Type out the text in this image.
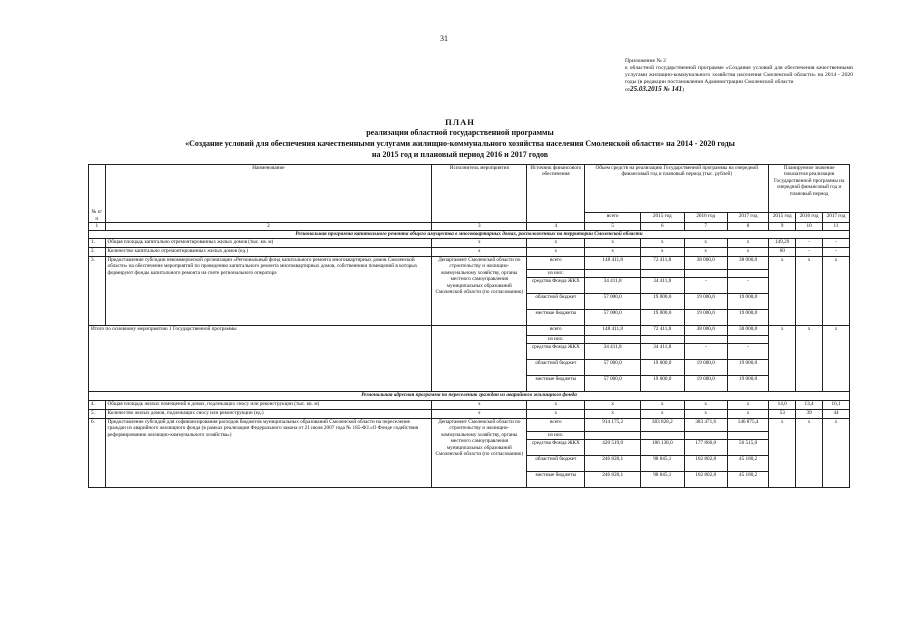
31
Приложение № 2
к областной государственной программе «Создание условий для обеспечения качественными услугами жилищно-коммунального хозяйства населения Смоленской области» на 2014 - 2020 годы (в редакции постановления Администрации Смоленской области
от25.03.2015 № 141)
ПЛАН
реализации областной государственной программы
«Создание условий для обеспечения качественными услугами жилищно-коммунального хозяйства населения Смоленской области» на 2014 - 2020 годы
на 2015 год и плановый период 2016 и 2017 годов
№ п/п	Наименование	Исполнитель мероприятия	Источник финансового обеспечения	Объем средств на реализацию Государственной программы на очередной финансовый год и плановый период (тыс. рублей)				Планируемое значение показателя реализации Государственной программы на очередной финансовый год и плановый период		
				всего	2015 год	2016 год	2017 год	2015 год	2016 год	2017 год
1	2	3	4	5	6	7	8	9	10	11
Региональная программа капитального ремонта общего имущества в многоквартирных домах, расположенных на территории Смоленской области										
1.	Общая площадь капитально отремонтированных жилых домов (тыс. кв. м)	x	x	x	x	x	x	149,29	-	-
2.	Количество капитально отремонтированных жилых домов (ед.)	x	x	x	x	x	x	60	-	-
3.	Предоставление субсидии некоммерческой организации «Региональный фонд капитального ремонта многоквартирных домов Смоленской области» на обеспечение мероприятий по проведению капитального ремонта многоквартирных домов, собственники помещений в которых формируют фонды капитального ремонта на счете регионального оператора	Департамент Смоленской области по строительству и жилищно-коммунальному хозяйству, органы местного самоуправления муниципальных образований Смоленской области (по согласованию)	всего	148 411,8	72 411,8	38 000,0	38 000,0	x	x	x
			из них:							
			средства Фонда ЖКХ	34 411,8	34 411,8	-	-			
			областной бюджет	57 000,0	19 000,0	19 000,0	19 000,0			
			местные бюджеты	57 000,0	19 000,0	19 000,0	19 000,0			
Итого по основному мероприятию 1 Государственной программы			всего	148 411,8	72 411,8	38 000,0	38 000,0	x	x	x
			из них:							
			средства Фонда ЖКХ	34 411,8	34 411,8	-	-			
			областной бюджет	57 000,0	19 000,0	19 000,0	19 000,0			
			местные бюджеты	57 000,0	19 000,0	19 000,0	19 000,0			
Региональная адресная программа по переселению граждан из аварийного жилищного фонда										
4.	Общая площадь жилых помещений в домах, подлежащих сносу или реконструкции (тыс. кв. м)	x	x	x	x	x	x	14,0	13,4	16,1
5.	Количество жилых домов, подлежащих сносу или реконструкции (ед.)	x	x	x	x	x	x	53	39	44
6.	Предоставление субсидий для софинансирования расходов бюджетов муниципальных образований Смоленской области на переселение граждан из аварийного жилищного фонда (в рамках реализации Федерального закона от 21 июля 2007 года № 185-ФЗ «О Фонде содействия реформированию жилищно-коммунального хозяйства»)	Департамент Смоленской области по строительству и жилищно-коммунальному хозяйству, органы местного самоуправления муниципальных образований Смоленской области (по согласованию)	всего	914 175,2	383 828,2	383 471,6	146 875,4	x	x	x
			из них:							
			средства Фонда ЖКХ	420 519,0	186 138,0	177 866,0	56 515,0			
			областной бюджет	246 828,1	98 845,1	102 802,8	45 180,2			
			местные бюджеты	246 828,1	98 845,1	102 802,8	45 180,2			
